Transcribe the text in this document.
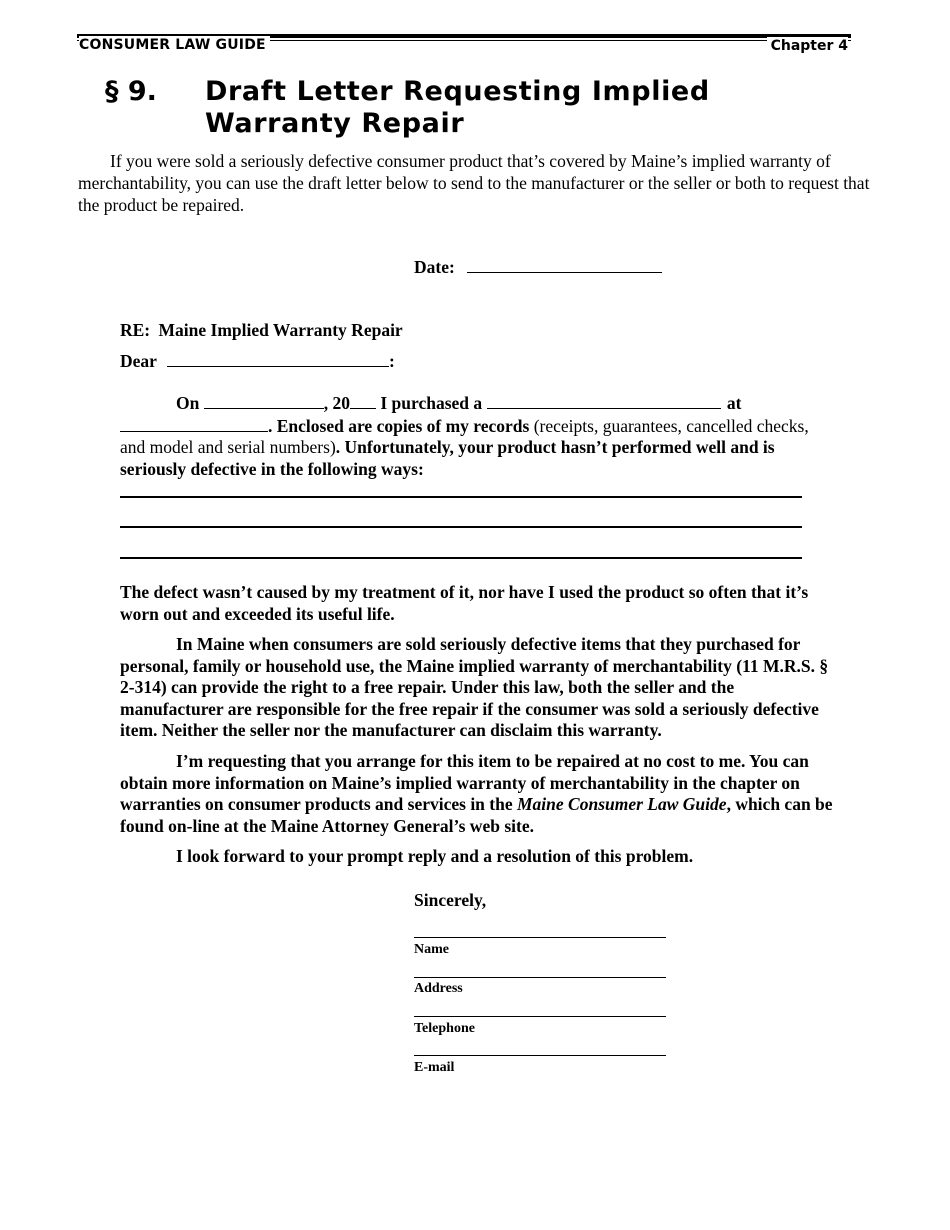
CONSUMER LAW GUIDE	Chapter 4
§ 9. Draft Letter Requesting Implied Warranty Repair

If you were sold a seriously defective consumer product that’s covered by Maine’s implied warranty of merchantability, you can use the draft letter below to send to the manufacturer or the seller or both to request that the product be repaired.

Date:
RE: Maine Implied Warranty Repair
Dear	:

On	, 20 I purchased a	at . Enclosed are copies of my records (receipts, guarantees, cancelled checks, and model and serial numbers). Unfortunately, your product hasn’t performed well and is seriously defective in the following ways:

The defect wasn’t caused by my treatment of it, nor have I used the product so often that it’s worn out and exceeded its useful life.

In Maine when consumers are sold seriously defective items that they purchased for personal, family or household use, the Maine implied warranty of merchantability (11 M.R.S. § 2-314) can provide the right to a free repair. Under this law, both the seller and the manufacturer are responsible for the free repair if the consumer was sold a seriously defective item. Neither the seller nor the manufacturer can disclaim this warranty.

I’m requesting that you arrange for this item to be repaired at no cost to me. You can obtain more information on Maine’s implied warranty of merchantability in the chapter on warranties on consumer products and services in the Maine Consumer Law Guide, which can be found on-line at the Maine Attorney General’s web site.

I look forward to your prompt reply and a resolution of this problem.

Sincerely,
Name
Address
Telephone
E-mail
